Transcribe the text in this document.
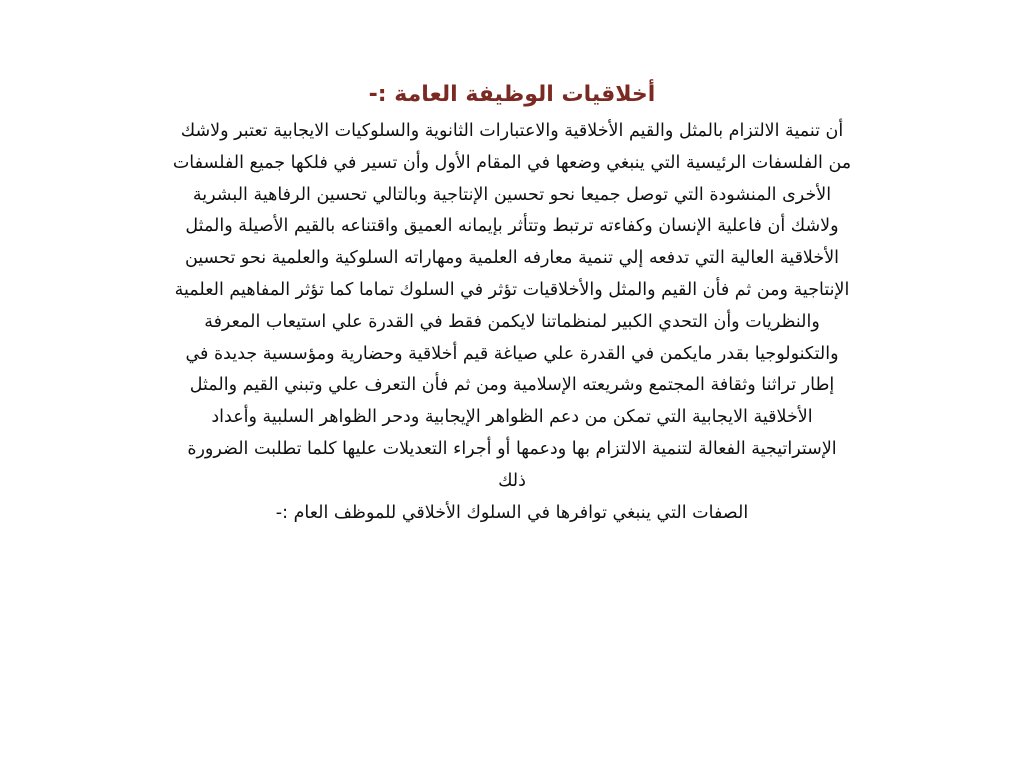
أخلاقيات الوظيفة العامة :-

أن تنمية الالتزام بالمثل والقيم الأخلاقية والاعتبارات الثانوية والسلوكيات الايجابية تعتبر ولاشك
من الفلسفات الرئيسية التي ينبغي وضعها في المقام الأول وأن تسير في فلكها جميع الفلسفات
الأخرى المنشودة التي توصل جميعا نحو تحسين الإنتاجية وبالتالي تحسين الرفاهية البشرية
ولاشك أن فاعلية الإنسان وكفاءته ترتبط وتتأثر بإيمانه العميق واقتناعه بالقيم الأصيلة والمثل
الأخلاقية العالية التي تدفعه إلي تنمية معارفه العلمية ومهاراته السلوكية والعلمية نحو تحسين
الإنتاجية ومن ثم فأن القيم والمثل والأخلاقيات تؤثر في السلوك تماما كما تؤثر المفاهيم العلمية
والنظريات وأن التحدي الكبير لمنظماتنا لايكمن فقط في القدرة علي استيعاب المعرفة
والتكنولوجيا بقدر مايكمن في القدرة علي صياغة قيم أخلاقية وحضارية ومؤسسية جديدة في
إطار تراثنا وثقافة المجتمع وشريعته الإسلامية ومن ثم فأن التعرف علي وتبني القيم والمثل
الأخلاقية الايجابية التي تمكن من دعم الظواهر الإيجابية ودحر الظواهر السلبية وأعداد
الإستراتيجية الفعالة لتنمية الالتزام بها ودعمها أو أجراء التعديلات عليها كلما تطلبت الضرورة
ذلك

الصفات التي ينبغي توافرها في السلوك الأخلاقي للموظف العام :-
